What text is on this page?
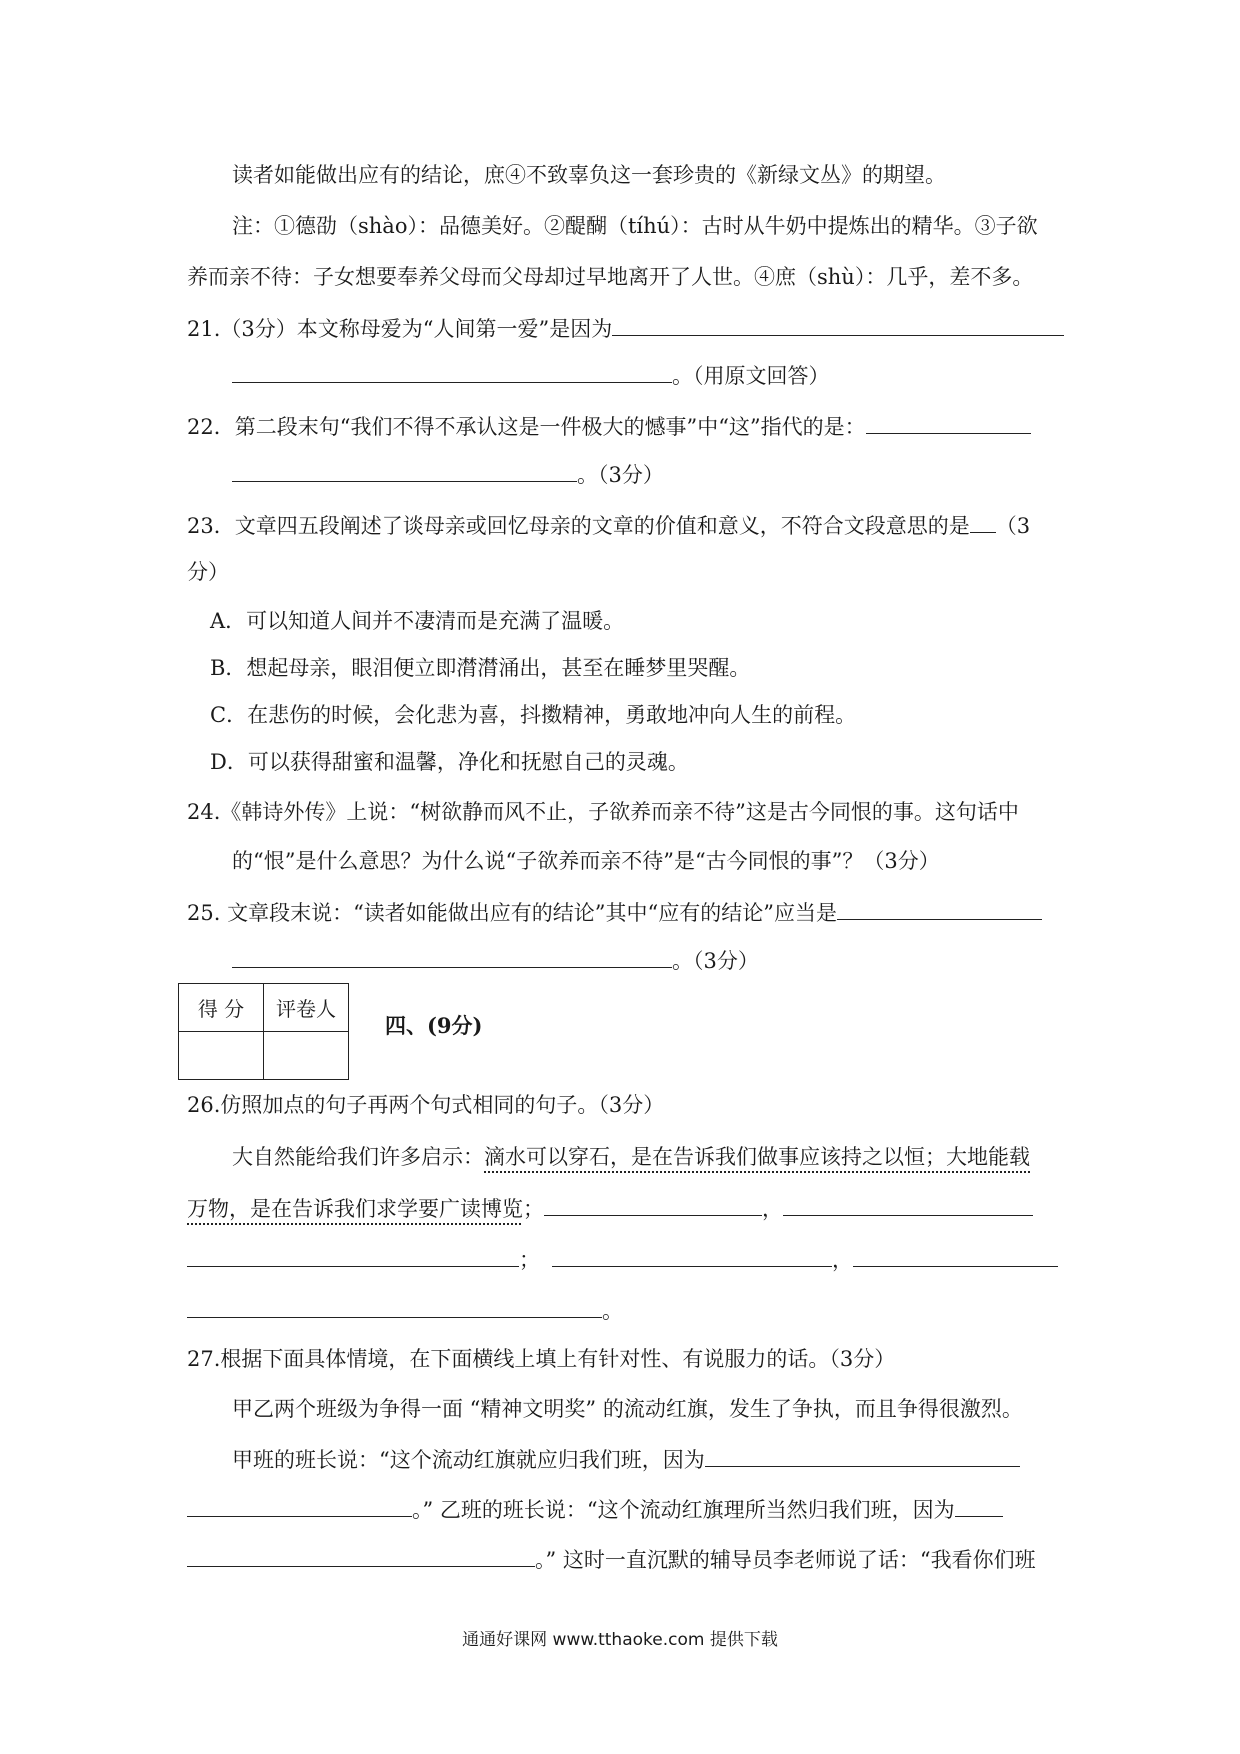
读者如能做出应有的结论，庶④不致辜负这一套珍贵的《新绿文丛》的期望。
注：①德劭（shào）：品德美好。②醍醐（tíhú）：古时从牛奶中提炼出的精华。③子欲
养而亲不待：子女想要奉养父母而父母却过早地离开了人世。④庶（shù）：几乎，差不多。
21.（3分）本文称母爱为“人间第一爱”是因为
。（用原文回答）
22．第二段末句“我们不得不承认这是一件极大的憾事”中“这”指代的是：
。（3分）
23．文章四五段阐述了谈母亲或回忆母亲的文章的价值和意义，不符合文段意思的是 （3
分）
A．可以知道人间并不凄清而是充满了温暖。
B．想起母亲，眼泪便立即潸潸涌出，甚至在睡梦里哭醒。
C．在悲伤的时候，会化悲为喜，抖擞精神，勇敢地冲向人生的前程。
D．可以获得甜蜜和温馨，净化和抚慰自己的灵魂。
24.《韩诗外传》上说：“树欲静而风不止，子欲养而亲不待”这是古今同恨的事。这句话中
的“恨”是什么意思？为什么说“子欲养而亲不待”是“古今同恨的事”？（3分）
25. 文章段末说：“读者如能做出应有的结论”其中“应有的结论”应当是
。（3分）
得 分	评卷人

四、(9分)
26.仿照加点的句子再两个句式相同的句子。（3分）
大自然能给我们许多启示：滴水可以穿石，是在告诉我们做事应该持之以恒；大地能载
万物，是在告诉我们求学要广读博览；	，
；	，
。
27.根据下面具体情境，在下面横线上填上有针对性、有说服力的话。（3分）
甲乙两个班级为争得一面 “精神文明奖” 的流动红旗，发生了争执，而且争得很激烈。
甲班的班长说：“这个流动红旗就应归我们班，因为
。” 乙班的班长说：“这个流动红旗理所当然归我们班，因为
。” 这时一直沉默的辅导员李老师说了话：“我看你们班
通通好课网 www.tthaoke.com 提供下载
